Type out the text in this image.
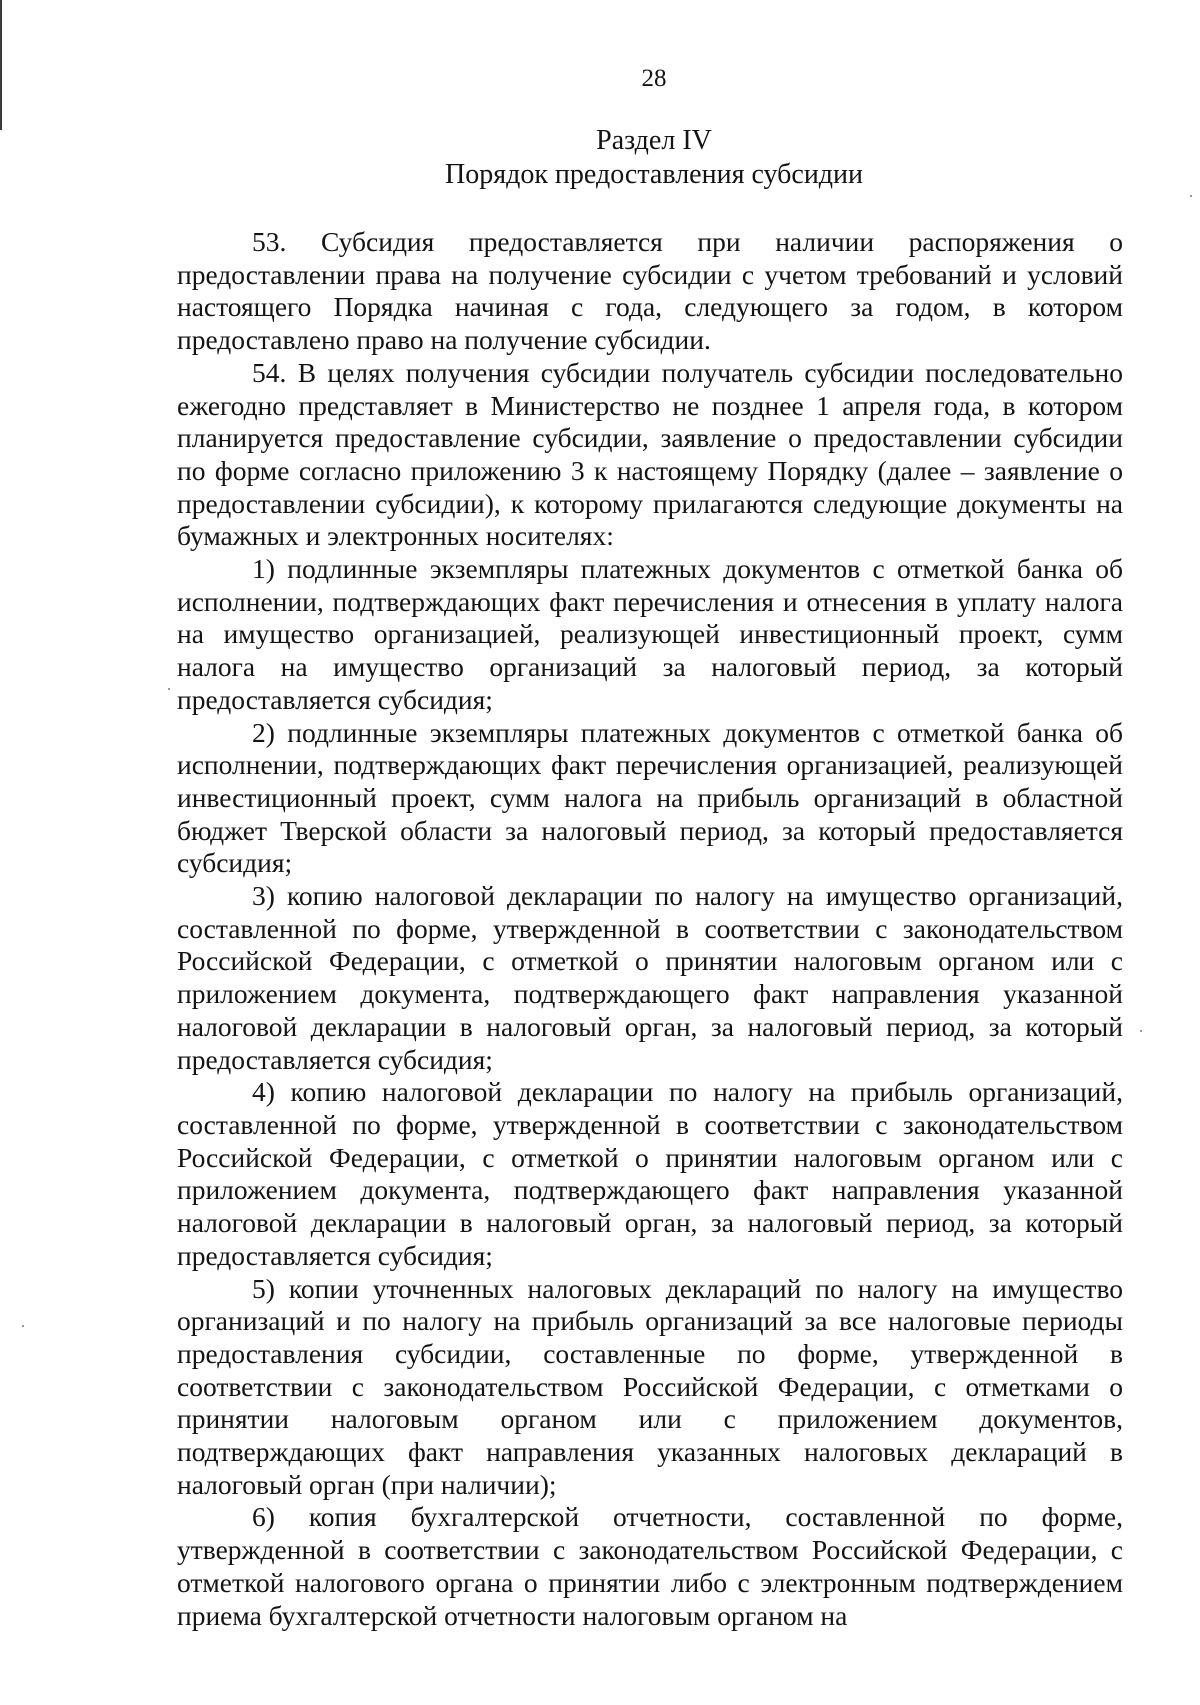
28
Раздел IV
Порядок предоставления субсидии

53. Субсидия предоставляется при наличии распоряжения о предоставлении права на получение субсидии с учетом требований и условий настоящего Порядка начиная с года, следующего за годом, в котором предоставлено право на получение субсидии.

54. В целях получения субсидии получатель субсидии последовательно ежегодно представляет в Министерство не позднее 1 апреля года, в котором планируется предоставление субсидии, заявление о предоставлении субсидии по форме согласно приложению 3 к настоящему Порядку (далее – заявление о предоставлении субсидии), к которому прилагаются следующие документы на бумажных и электронных носителях:

1) подлинные экземпляры платежных документов с отметкой банка об исполнении, подтверждающих факт перечисления и отнесения в уплату налога на имущество организацией, реализующей инвестиционный проект, сумм налога на имущество организаций за налоговый период, за который предоставляется субсидия;

2) подлинные экземпляры платежных документов с отметкой банка об исполнении, подтверждающих факт перечисления организацией, реализующей инвестиционный проект, сумм налога на прибыль организаций в областной бюджет Тверской области за налоговый период, за который предоставляется субсидия;

3) копию налоговой декларации по налогу на имущество организаций, составленной по форме, утвержденной в соответствии с законодательством Российской Федерации, с отметкой о принятии налоговым органом или с приложением документа, подтверждающего факт направления указанной налоговой декларации в налоговый орган, за налоговый период, за который предоставляется субсидия;

4) копию налоговой декларации по налогу на прибыль организаций, составленной по форме, утвержденной в соответствии с законодательством Российской Федерации, с отметкой о принятии налоговым органом или с приложением документа, подтверждающего факт направления указанной налоговой декларации в налоговый орган, за налоговый период, за который предоставляется субсидия;

5) копии уточненных налоговых деклараций по налогу на имущество организаций и по налогу на прибыль организаций за все налоговые периоды предоставления субсидии, составленные по форме, утвержденной в соответствии с законодательством Российской Федерации, с отметками о принятии налоговым органом или с приложением документов, подтверждающих факт направления указанных налоговых деклараций в налоговый орган (при наличии);

6) копия бухгалтерской отчетности, составленной по форме, утвержденной в соответствии с законодательством Российской Федерации, с отметкой налогового органа о принятии либо с электронным подтверждением приема бухгалтерской отчетности налоговым органом на
